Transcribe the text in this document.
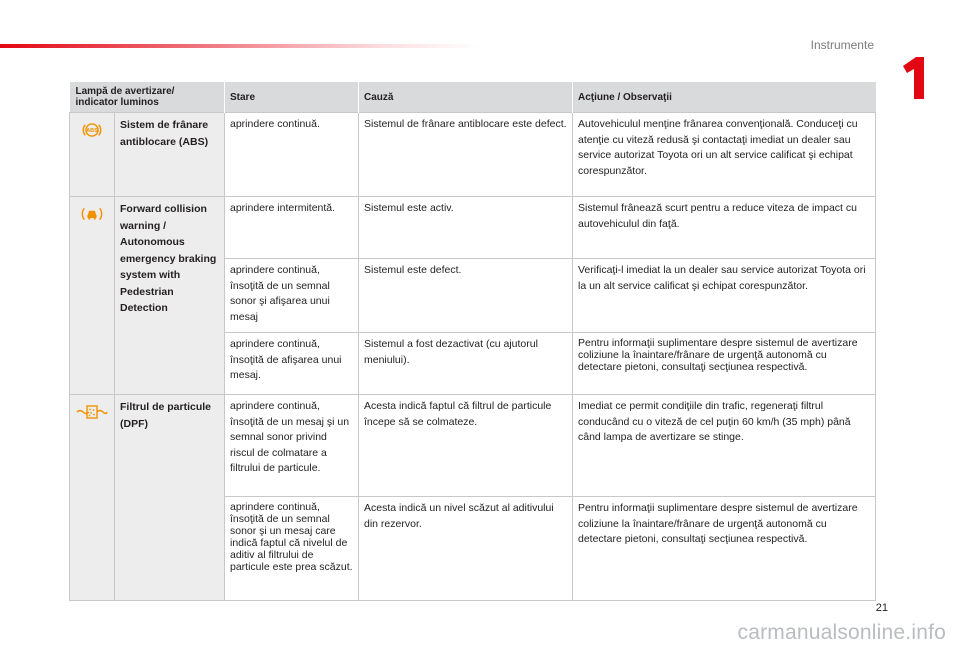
Instrumente
1
Lampă de avertizare/ indicator luminos		Stare	Cauză	Acţiune / Observaţii

ABS	Sistem de frânare antiblocare (ABS)	aprindere continuă.	Sistemul de frânare antiblocare este defect.	Autovehiculul menţine frânarea convenţională. Conduceţi cu atenţie cu viteză redusă şi contactaţi imediat un dealer sau service autorizat Toyota ori un alt service calificat şi echipat corespunzător.
	Forward collision warning / Autonomous emergency braking system with Pedestrian Detection	aprindere intermitentă.	Sistemul este activ.	Sistemul frânează scurt pentru a reduce viteza de impact cu autovehiculul din faţă.
		aprindere continuă, însoţită de un semnal sonor şi afişarea unui mesaj	Sistemul este defect.	Verificaţi-l imediat la un dealer sau service autorizat Toyota ori la un alt service calificat şi echipat corespunzător.
		aprindere continuă, însoţită de afişarea unui mesaj.	Sistemul a fost dezactivat (cu ajutorul meniului).	Pentru informaţii suplimentare despre sistemul de avertizare coliziune la înaintare/frânare de urgenţă autonomă cu detectare pietoni, consultaţi secţiunea respectivă.
	Filtrul de particule (DPF)	aprindere continuă, însoţită de un mesaj şi un semnal sonor privind riscul de colmatare a filtrului de particule.	Acesta indică faptul că filtrul de particule începe să se colmateze.	Imediat ce permit condiţiile din trafic, regeneraţi filtrul conducând cu o viteză de cel puţin 60 km/h (35 mph) până când lampa de avertizare se stinge.
		aprindere continuă, însoţită de un semnal sonor şi un mesaj care indică faptul că nivelul de aditiv al filtrului de particule este prea scăzut.	Acesta indică un nivel scăzut al aditivului din rezervor.	Pentru informaţii suplimentare despre sistemul de avertizare coliziune la înaintare/frânare de urgenţă autonomă cu detectare pietoni, consultaţi secţiunea respectivă.
21
carmanualsonline.info
